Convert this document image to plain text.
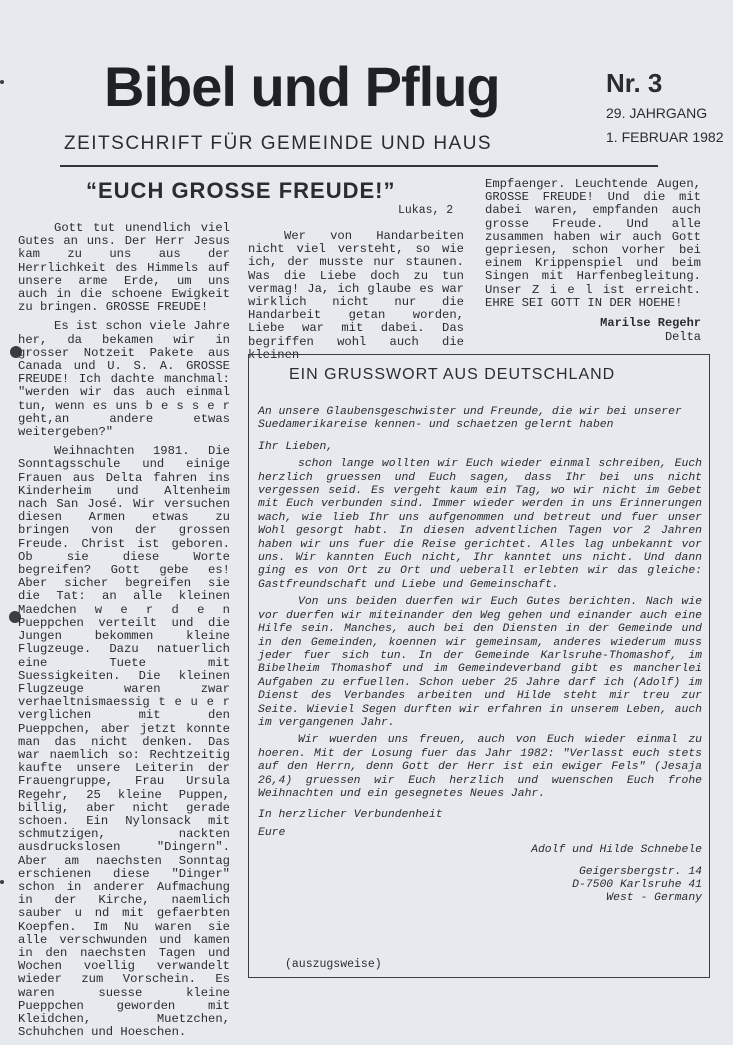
Bibel und Pflug	Nr. 3
29. JAHRGANG
1. FEBRUAR 1982
ZEITSCHRIFT FÜR GEMEINDE UND HAUS
“EUCH GROSSE FREUDE!”
Lukas, 2

Gott tut unendlich viel Gutes an uns. Der Herr Jesus kam zu uns aus der Herrlichkeit des Himmels auf unsere arme Erde, um uns auch in die schoene Ewigkeit zu bringen. GROSSE FREUDE!

Es ist schon viele Jahre her, da bekamen wir in grosser Notzeit Pakete aus Canada und U. S. A. GROSSE FREUDE! Ich dachte manchmal: "werden wir das auch einmal tun, wenn es uns b e s s e r geht,an andere etwas weitergeben?"

Weihnachten 1981. Die Sonntagsschule und einige Frauen aus Delta fahren ins Kinderheim und Altenheim nach San José. Wir versuchen diesen Armen etwas zu bringen von der grossen Freude. Christ ist geboren. Ob sie diese Worte begreifen? Gott gebe es! Aber sicher begreifen sie die Tat: an alle kleinen Maedchen w e r d e n Pueppchen verteilt und die Jungen bekommen kleine Flugzeuge. Dazu natuerlich eine Tuete mit Suessigkeiten. Die kleinen Flugzeuge waren zwar verhaeltnismaessig t e u e r verglichen mit den Pueppchen, aber jetzt konnte man das nicht denken. Das war naemlich so: Rechtzeitig kaufte unsere Leiterin der Frauengruppe, Frau Ursula Regehr, 25 kleine Puppen, billig, aber nicht gerade schoen. Ein Nylonsack mit schmutzigen, nackten ausdruckslosen "Dingern". Aber am naechsten Sonntag erschienen diese "Dinger" schon in anderer Aufmachung in der Kirche, naemlich sauber u nd mit gefaerbten Koepfen. Im Nu waren sie alle verschwunden und kamen in den naechsten Tagen und Wochen voellig verwandelt wieder zum Vorschein. Es waren suesse kleine Pueppchen geworden mit Kleidchen, Muetzchen, Schuhchen und Hoeschen.

Wer von Handarbeiten nicht viel versteht, so wie ich, der musste nur staunen. Was die Liebe doch zu tun vermag! Ja, ich glaube es war wirklich nicht nur die Handarbeit getan worden, Liebe war mit dabei. Das begriffen wohl auch die kleinen

Empfaenger. Leuchtende Augen, GROSSE FREUDE! Und die mit dabei waren, empfanden auch grosse Freude. Und alle zusammen haben wir auch Gott gepriesen, schon vorher bei einem Krippenspiel und beim Singen mit Harfenbegleitung. Unser Z i e l ist erreicht. EHRE SEI GOTT IN DER HOEHE!

Marilse Regehr
Delta
EIN GRUSSWORT AUS DEUTSCHLAND

An unsere Glaubensgeschwister und Freunde, die wir bei unserer Suedamerikareise kennen- und schaetzen gelernt haben

Ihr Lieben,

schon lange wollten wir Euch wieder einmal schreiben, Euch herzlich gruessen und Euch sagen, dass Ihr bei uns nicht vergessen seid. Es vergeht kaum ein Tag, wo wir nicht im Gebet mit Euch verbunden sind. Immer wieder werden in uns Erinnerungen wach, wie lieb Ihr uns aufgenommen und betreut und fuer unser Wohl gesorgt habt. In diesen adventlichen Tagen vor 2 Jahren haben wir uns fuer die Reise gerichtet. Alles lag unbekannt vor uns. Wir kannten Euch nicht, Ihr kanntet uns nicht. Und dann ging es von Ort zu Ort und ueberall erlebten wir das gleiche: Gastfreundschaft und Liebe und Gemeinschaft.

Von uns beiden duerfen wir Euch Gutes berichten. Nach wie vor duerfen wir miteinander den Weg gehen und einander auch eine Hilfe sein. Manches, auch bei den Diensten in der Gemeinde und in den Gemeinden, koennen wir gemeinsam, anderes wiederum muss jeder fuer sich tun. In der Gemeinde Karlsruhe-Thomashof, im Bibelheim Thomashof und im Gemeindeverband gibt es mancherlei Aufgaben zu erfuellen. Schon ueber 25 Jahre darf ich (Adolf) im Dienst des Verbandes arbeiten und Hilde steht mir treu zur Seite. Wieviel Segen durften wir erfahren in unserem Leben, auch im vergangenen Jahr.

Wir wuerden uns freuen, auch von Euch wieder einmal zu hoeren. Mit der Losung fuer das Jahr 1982: "Verlasst euch stets auf den Herrn, denn Gott der Herr ist ein ewiger Fels" (Jesaja 26,4) gruessen wir Euch herzlich und wuenschen Euch frohe Weihnachten und ein gesegnetes Neues Jahr.

In herzlicher Verbundenheit

Eure

Adolf und Hilde Schnebele
Geigersbergstr. 14
D-7500 Karlsruhe 41
West - Germany
(auszugsweise)
